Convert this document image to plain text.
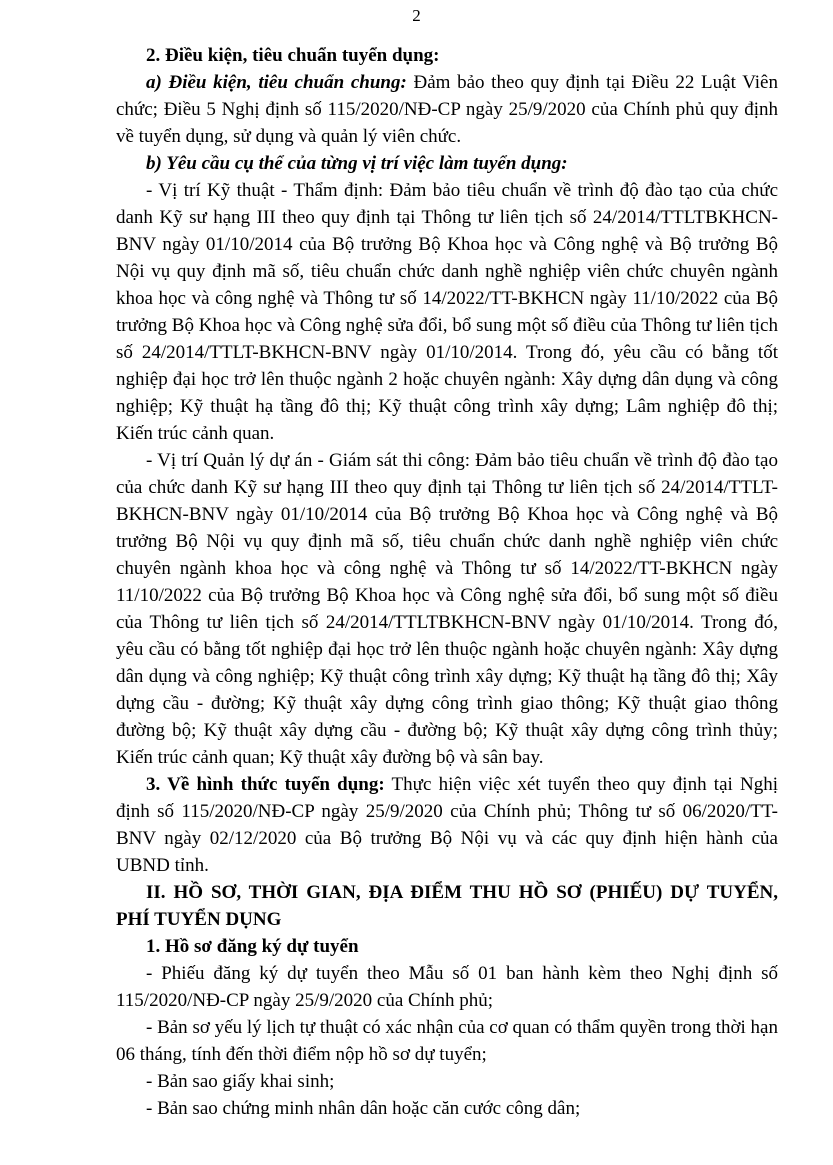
2

2. Điều kiện, tiêu chuẩn tuyển dụng:

a) Điều kiện, tiêu chuẩn chung: Đảm bảo theo quy định tại Điều 22 Luật Viên chức; Điều 5 Nghị định số 115/2020/NĐ-CP ngày 25/9/2020 của Chính phủ quy định về tuyển dụng, sử dụng và quản lý viên chức.

b) Yêu cầu cụ thể của từng vị trí việc làm tuyển dụng:

- Vị trí Kỹ thuật - Thẩm định: Đảm bảo tiêu chuẩn về trình độ đào tạo của chức danh Kỹ sư hạng III theo quy định tại Thông tư liên tịch số 24/2014/TTLTBKHCN-BNV ngày 01/10/2014 của Bộ trưởng Bộ Khoa học và Công nghệ và Bộ trưởng Bộ Nội vụ quy định mã số, tiêu chuẩn chức danh nghề nghiệp viên chức chuyên ngành khoa học và công nghệ và Thông tư số 14/2022/TT-BKHCN ngày 11/10/2022 của Bộ trưởng Bộ Khoa học và Công nghệ sửa đổi, bổ sung một số điều của Thông tư liên tịch số 24/2014/TTLT-BKHCN-BNV ngày 01/10/2014. Trong đó, yêu cầu có bằng tốt nghiệp đại học trở lên thuộc ngành 2 hoặc chuyên ngành: Xây dựng dân dụng và công nghiệp; Kỹ thuật hạ tầng đô thị; Kỹ thuật công trình xây dựng; Lâm nghiệp đô thị; Kiến trúc cảnh quan.

- Vị trí Quản lý dự án - Giám sát thi công: Đảm bảo tiêu chuẩn về trình độ đào tạo của chức danh Kỹ sư hạng III theo quy định tại Thông tư liên tịch số 24/2014/TTLT-BKHCN-BNV ngày 01/10/2014 của Bộ trưởng Bộ Khoa học và Công nghệ và Bộ trưởng Bộ Nội vụ quy định mã số, tiêu chuẩn chức danh nghề nghiệp viên chức chuyên ngành khoa học và công nghệ và Thông tư số 14/2022/TT-BKHCN ngày 11/10/2022 của Bộ trưởng Bộ Khoa học và Công nghệ sửa đổi, bổ sung một số điều của Thông tư liên tịch số 24/2014/TTLTBKHCN-BNV ngày 01/10/2014. Trong đó, yêu cầu có bằng tốt nghiệp đại học trở lên thuộc ngành hoặc chuyên ngành: Xây dựng dân dụng và công nghiệp; Kỹ thuật công trình xây dựng; Kỹ thuật hạ tầng đô thị; Xây dựng cầu - đường; Kỹ thuật xây dựng công trình giao thông; Kỹ thuật giao thông đường bộ; Kỹ thuật xây dựng cầu - đường bộ; Kỹ thuật xây dựng công trình thủy; Kiến trúc cảnh quan; Kỹ thuật xây đường bộ và sân bay.

3. Về hình thức tuyển dụng: Thực hiện việc xét tuyển theo quy định tại Nghị định số 115/2020/NĐ-CP ngày 25/9/2020 của Chính phủ; Thông tư số 06/2020/TT-BNV ngày 02/12/2020 của Bộ trưởng Bộ Nội vụ và các quy định hiện hành của UBND tỉnh.

II. HỒ SƠ, THỜI GIAN, ĐỊA ĐIỂM THU HỒ SƠ (PHIẾU) DỰ TUYỂN, PHÍ TUYỂN DỤNG

1. Hồ sơ đăng ký dự tuyển

- Phiếu đăng ký dự tuyển theo Mẫu số 01 ban hành kèm theo Nghị định số 115/2020/NĐ-CP ngày 25/9/2020 của Chính phủ;

- Bản sơ yếu lý lịch tự thuật có xác nhận của cơ quan có thẩm quyền trong thời hạn 06 tháng, tính đến thời điểm nộp hồ sơ dự tuyển;

- Bản sao giấy khai sinh;

- Bản sao chứng minh nhân dân hoặc căn cước công dân;
